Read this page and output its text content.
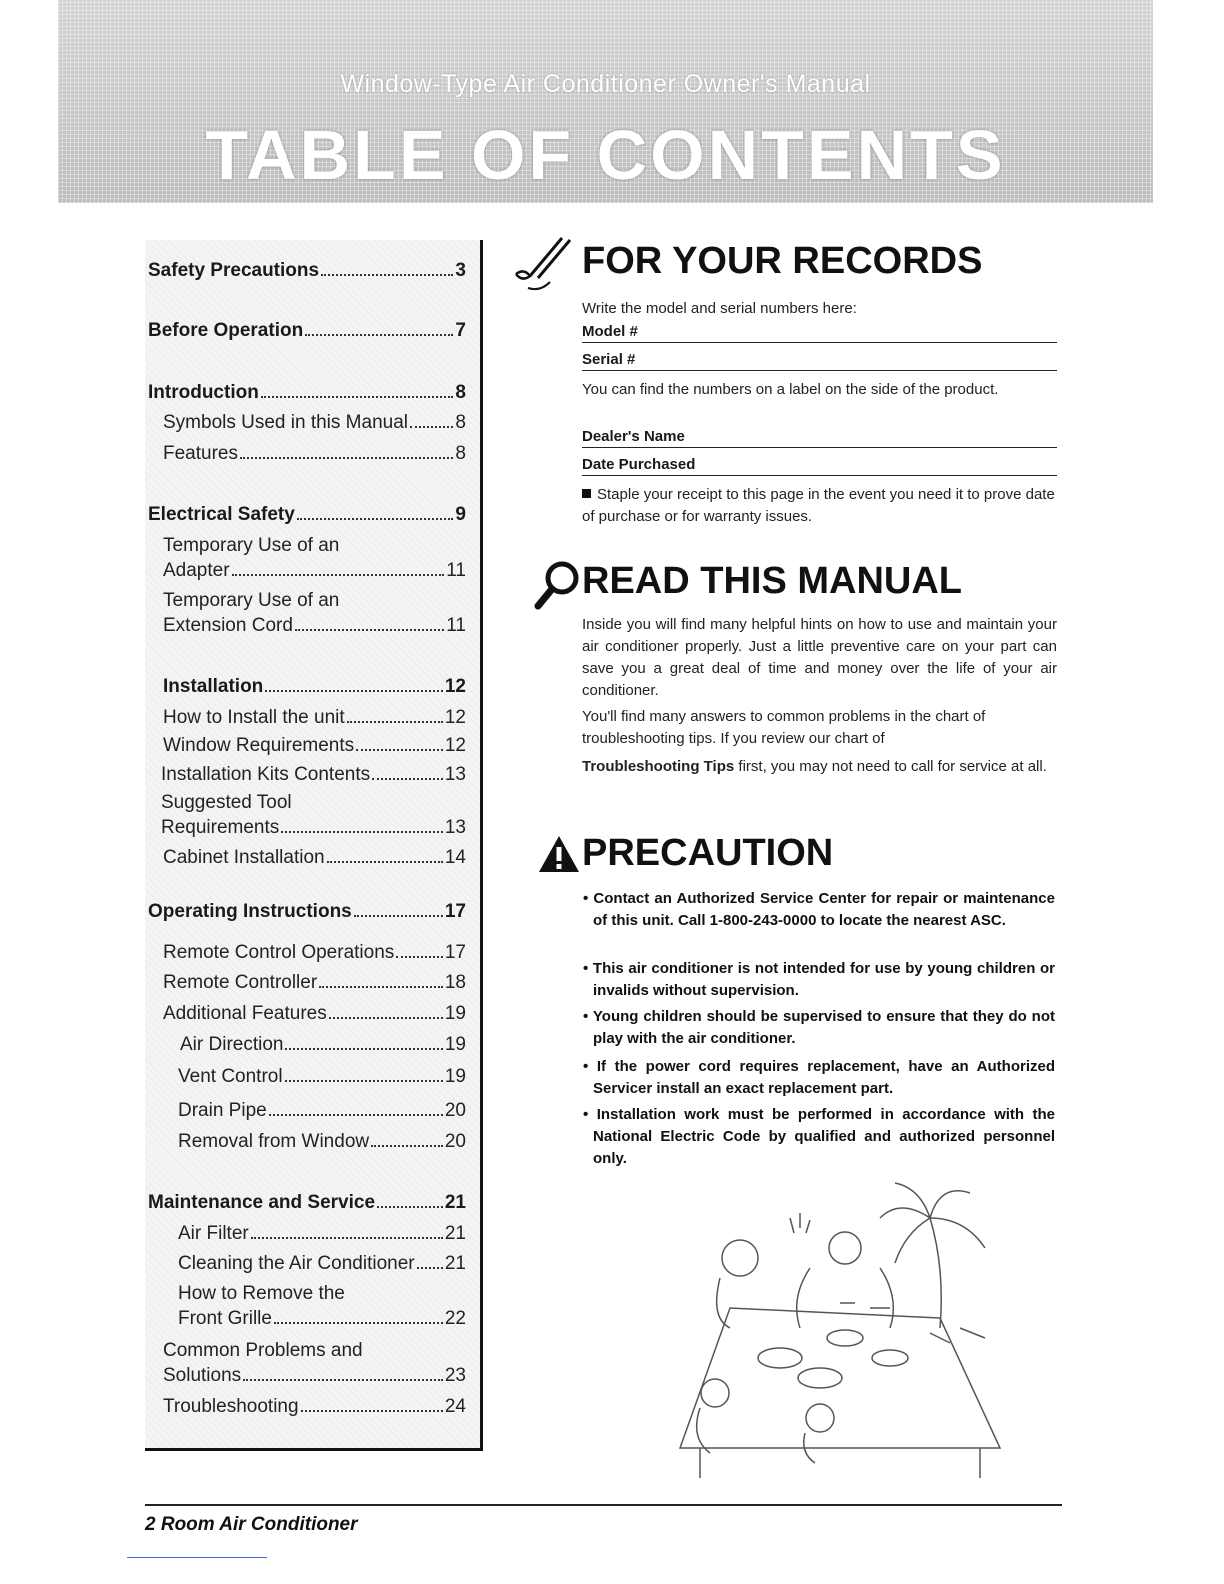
Window-Type Air Conditioner Owner's Manual
TABLE OF CONTENTS
Safety Precautions	3
Before Operation	7
Introduction	8
Symbols Used in this Manual 8
Features	8
Electrical Safety	9
Temporary Use of an
Adapter	11
Temporary Use of an
Extension Cord	11
Installation	12
How to Install the unit	12
Window Requirements	12
Installation Kits Contents	13
Suggested Tool
Requirements	13
Cabinet Installation	14
Operating Instructions	17
Remote Control Operations	17
Remote Controller	18
Additional Features	19
Air Direction	19
Vent Control	19
Drain Pipe	20
Removal from Window	20
Maintenance and Service	21
Air Filter	21
Cleaning the Air Conditioner 21
How to Remove the
Front Grille	22
Common Problems and
Solutions	23
Troubleshooting	24
FOR YOUR RECORDS
Write the model and serial numbers here:
Model #
Serial #
You can find the numbers on a label on the side of the product.
Dealer's Name
Date Purchased
Staple your receipt to this page in the event you need it to prove date of purchase or for warranty issues.
READ THIS MANUAL
Inside you will find many helpful hints on how to use and maintain your air conditioner properly. Just a little preventive care on your part can save you a great deal of time and money over the life of your air conditioner.
You'll find many answers to common problems in the chart of troubleshooting tips. If you review our chart of
Troubleshooting Tips first, you may not need to call for service at all.
PRECAUTION
• Contact an Authorized Service Center for repair or maintenance of this unit. Call 1-800-243-0000 to locate the nearest ASC.
• This air conditioner is not intended for use by young children or invalids without supervision.
• Young children should be supervised to ensure that they do not play with the air conditioner.
• If the power cord requires replacement, have an Authorized Servicer install an exact replacement part.
• Installation work must be performed in accordance with the National Electric Code by qualified and authorized personnel only.
2 Room Air Conditioner
